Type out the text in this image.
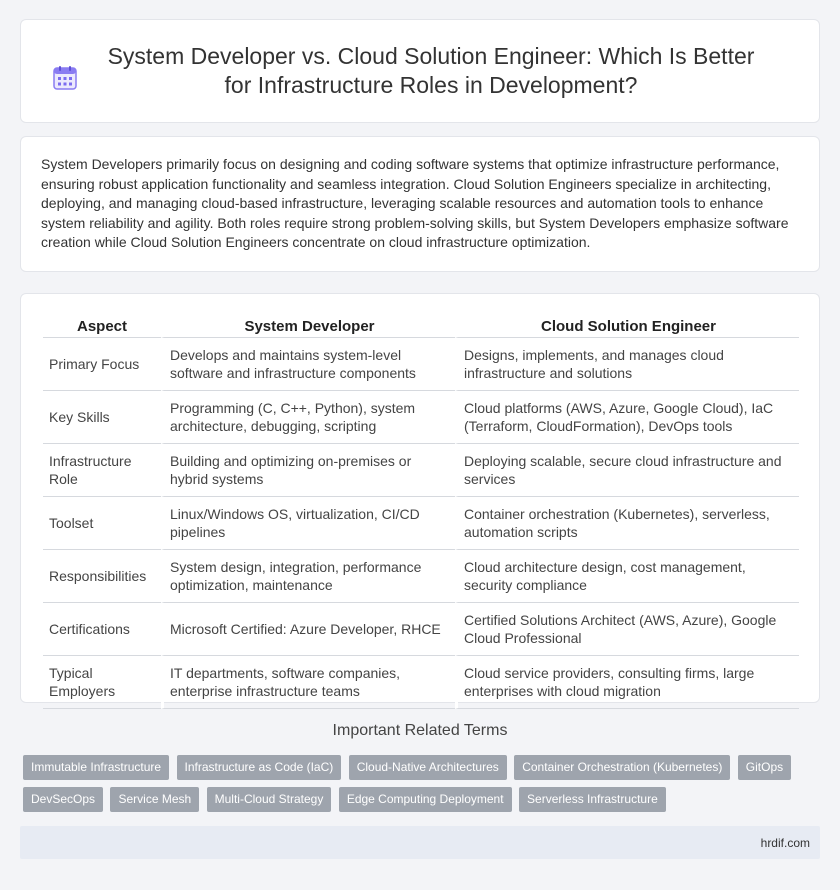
System Developer vs. Cloud Solution Engineer: Which Is Better for Infrastructure Roles in Development?

System Developers primarily focus on designing and coding software systems that optimize infrastructure performance, ensuring robust application functionality and seamless integration. Cloud Solution Engineers specialize in architecting, deploying, and managing cloud-based infrastructure, leveraging scalable resources and automation tools to enhance system reliability and agility. Both roles require strong problem-solving skills, but System Developers emphasize software creation while Cloud Solution Engineers concentrate on cloud infrastructure optimization.

Aspect	System Developer	Cloud Solution Engineer
Primary Focus	Develops and maintains system-level software and infrastructure components	Designs, implements, and manages cloud infrastructure and solutions
Key Skills	Programming (C, C++, Python), system architecture, debugging, scripting	Cloud platforms (AWS, Azure, Google Cloud), IaC (Terraform, CloudFormation), DevOps tools
Infrastructure Role	Building and optimizing on-premises or hybrid systems	Deploying scalable, secure cloud infrastructure and services
Toolset	Linux/Windows OS, virtualization, CI/CD pipelines	Container orchestration (Kubernetes), serverless, automation scripts
Responsibilities	System design, integration, performance optimization, maintenance	Cloud architecture design, cost management, security compliance
Certifications	Microsoft Certified: Azure Developer, RHCE	Certified Solutions Architect (AWS, Azure), Google Cloud Professional
Typical Employers	IT departments, software companies, enterprise infrastructure teams	Cloud service providers, consulting firms, large enterprises with cloud migration
Important Related Terms
Immutable Infrastructure Infrastructure as Code (IaC) Cloud-Native Architectures Container Orchestration (Kubernetes) GitOps
DevSecOps Service Mesh Multi-Cloud Strategy Edge Computing Deployment Serverless Infrastructure
hrdif.com
